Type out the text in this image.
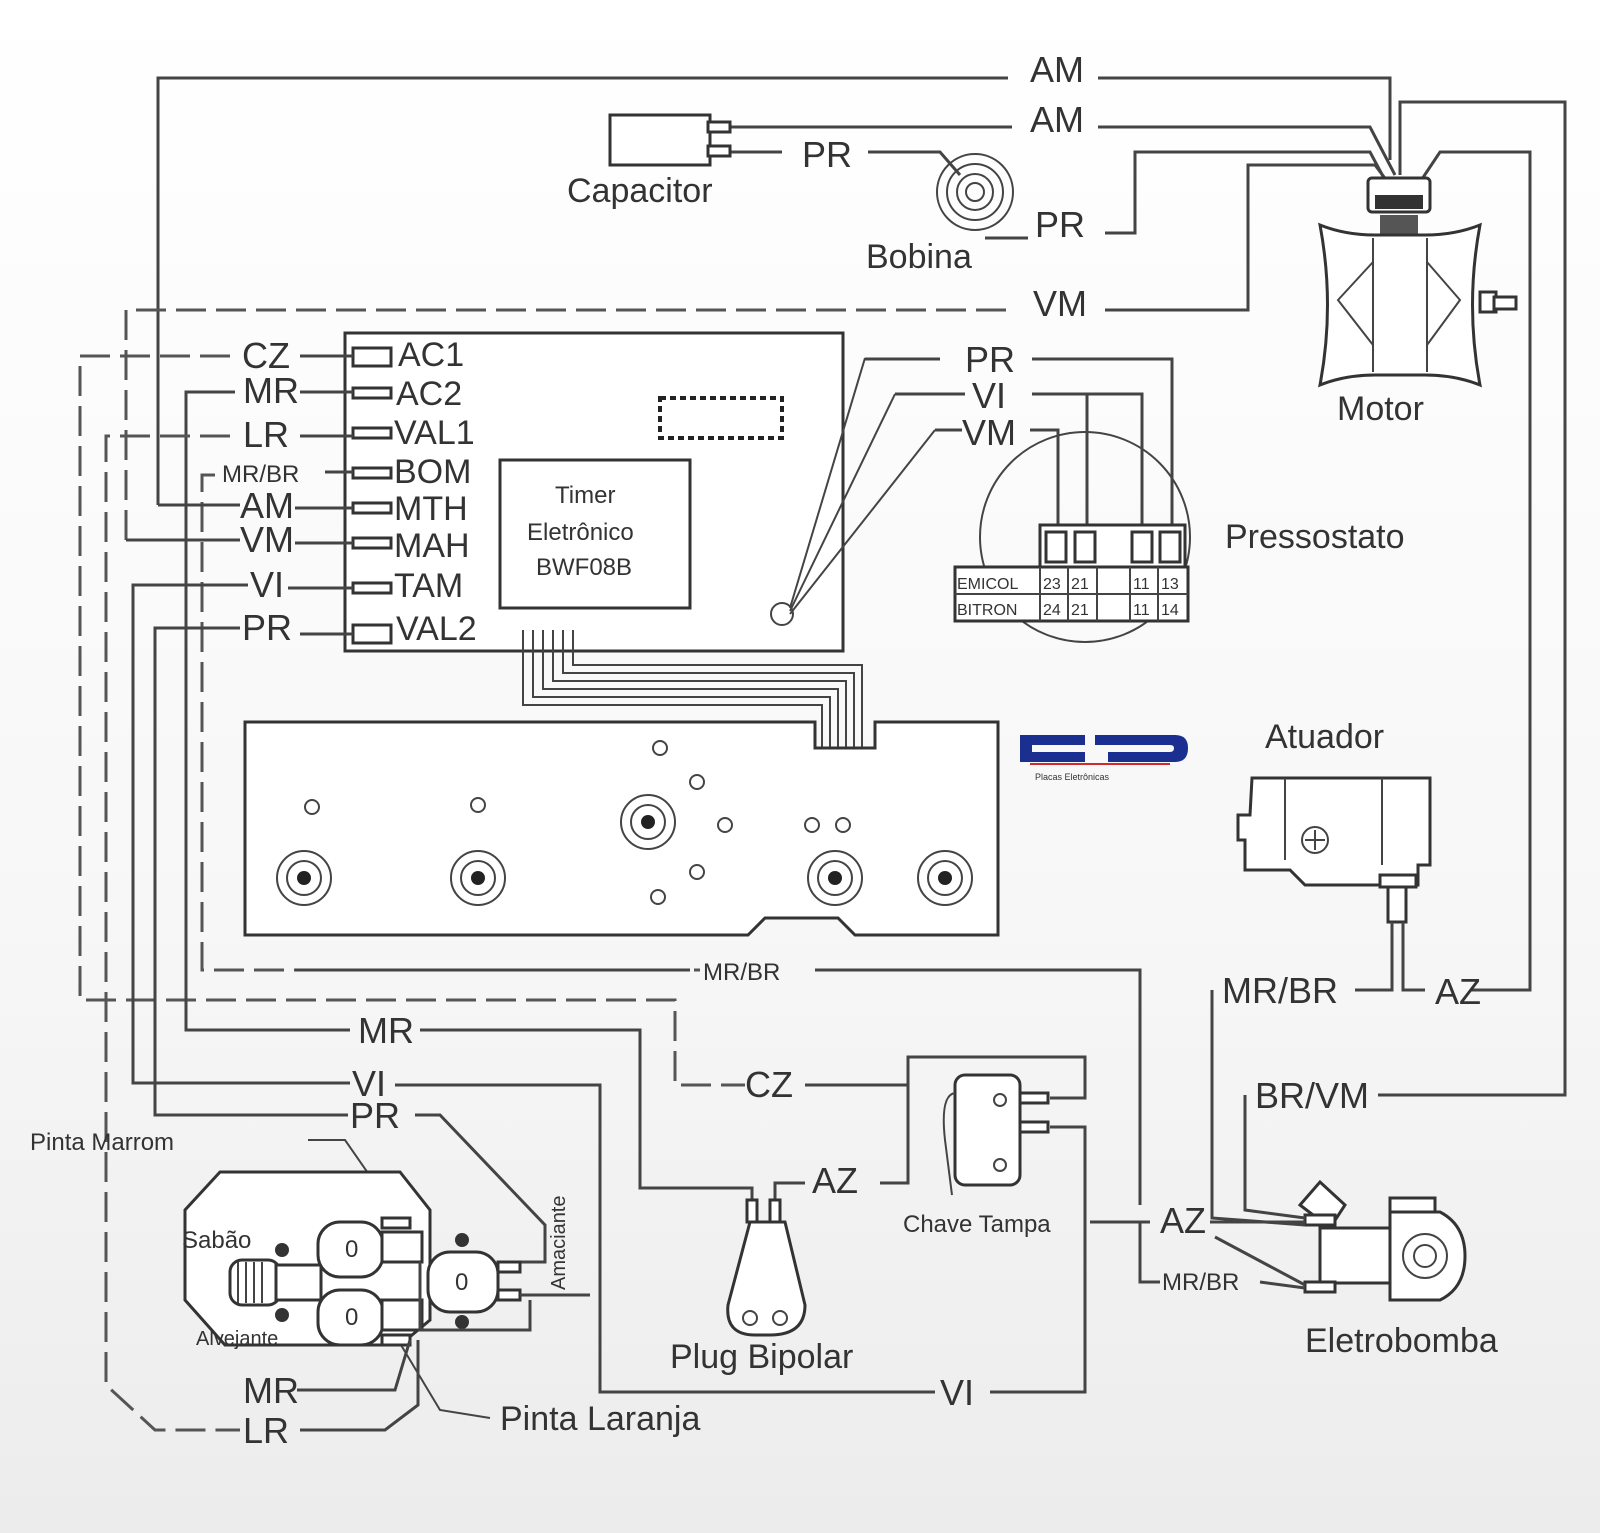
0
0
0
AM
AM
PR
PR
VM
CZ
MR
LR
MR/BR
AM
VM
VI
PR
AC1
AC2
VAL1
BOM
MTH
MAH
TAM
VAL2
PR
VI
VM
MR/BR
MR
CZ
VI
PR
AZ
VI
MR
LR
MR/BR	AZ
BR/VM
AZ
MR/BR
Capacitor
Bobina
Motor
Timer
Eletrônico
BWF08B
Pressostato
Atuador
Chave Tampa
Plug Bipolar	Eletrobomba
Sabão
Alvejante
Amaciante
Pinta Marrom
Pinta Laranja
Placas Eletrônicas
EMICOL 23 21	11 13
BITRON 24 21	11 14
